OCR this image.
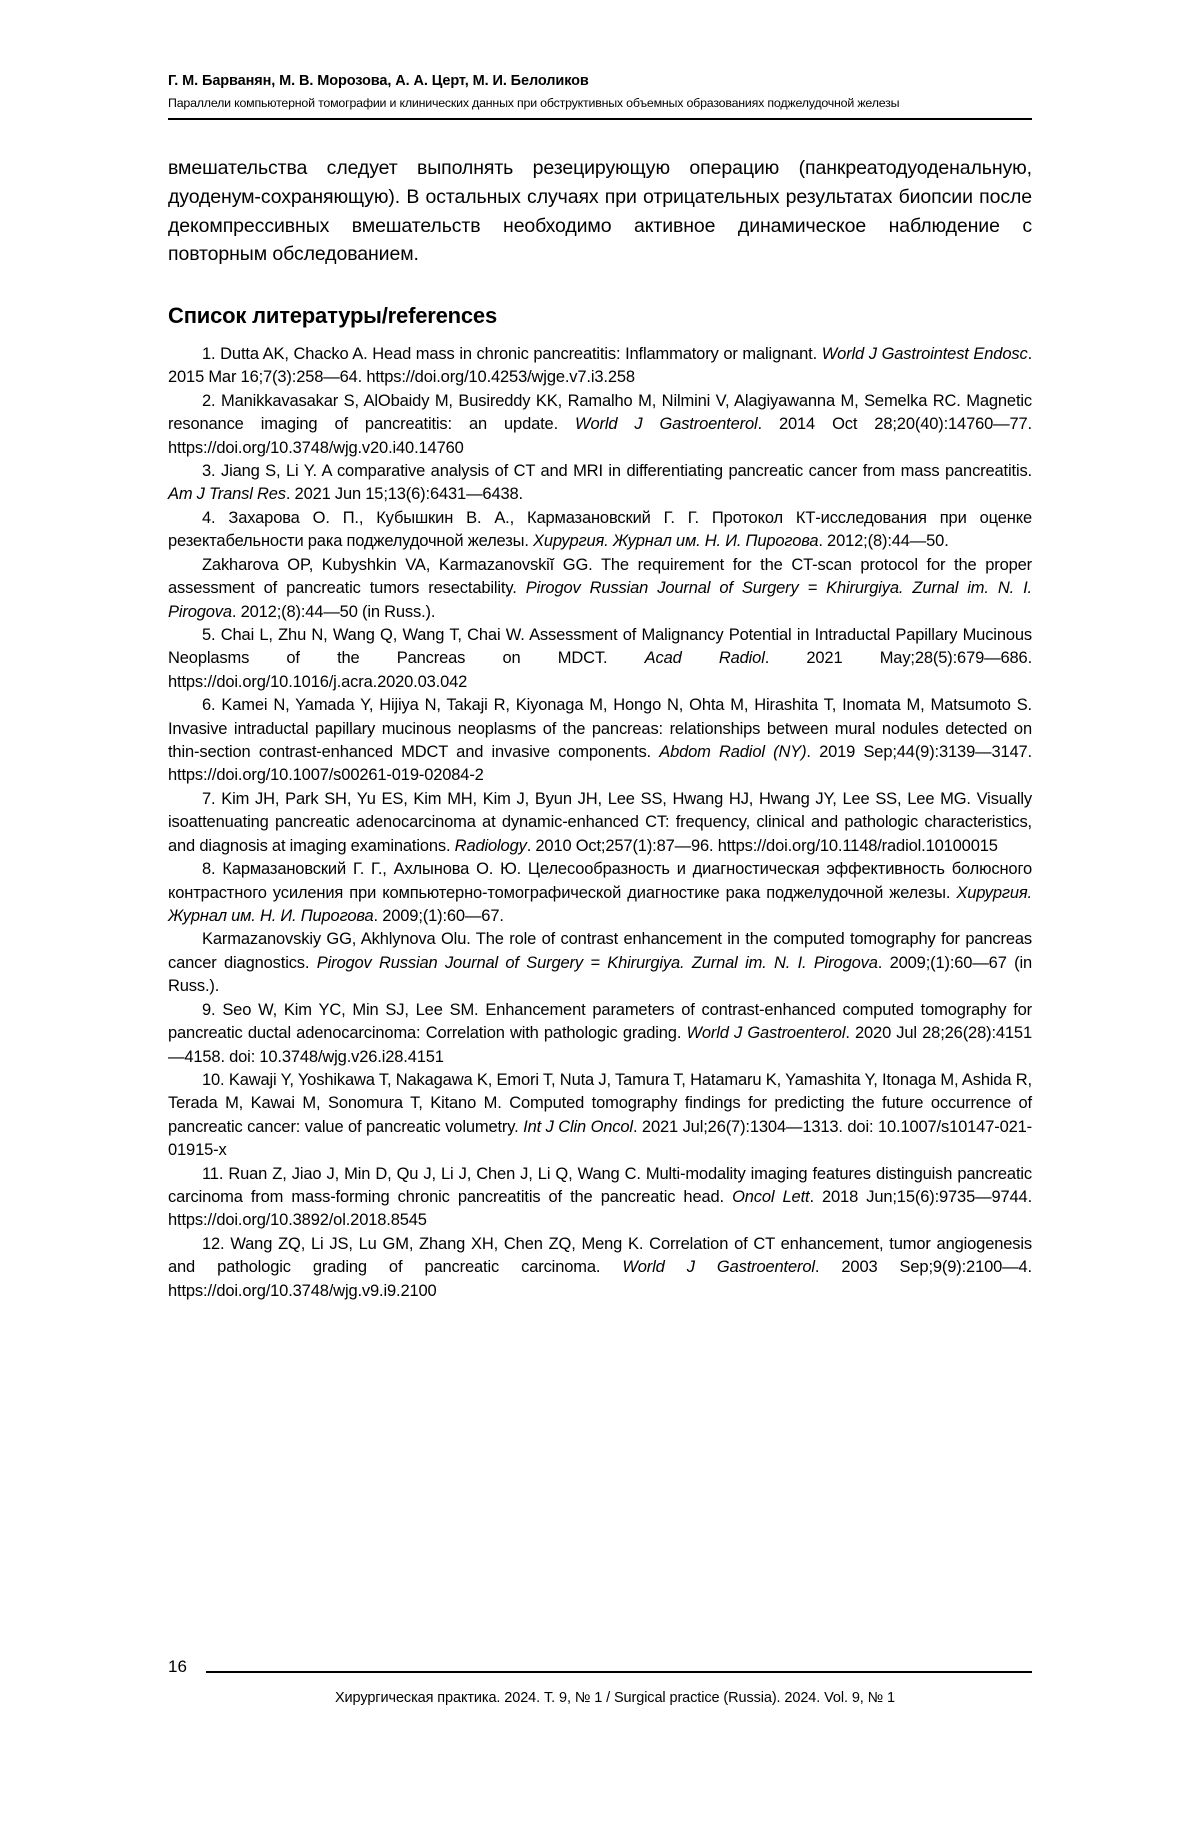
Г. М. Барванян, М. В. Морозова, А. А. Церт, М. И. Белоликов
Параллели компьютерной томографии и клинических данных при обструктивных объемных образованиях поджелудочной железы

вмешательства следует выполнять резецирующую операцию (панкреатодуоденальную, дуоденум-сохраняющую). В остальных случаях при отрицательных результатах биопсии после декомпрессивных вмешательств необходимо активное динамическое наблюдение с повторным обследованием.

Список литературы/references

1. Dutta AK, Chacko A. Head mass in chronic pancreatitis: Inflammatory or malignant. World J Gastrointest Endosc. 2015 Mar 16;7(3):258—64. https://doi.org/10.4253/wjge.v7.i3.258

2. Manikkavasakar S, AlObaidy M, Busireddy KK, Ramalho M, Nilmini V, Alagiyawanna M, Semelka RC. Magnetic resonance imaging of pancreatitis: an update. World J Gastroenterol. 2014 Oct 28;20(40):14760—77. https://doi.org/10.3748/wjg.v20.i40.14760

3. Jiang S, Li Y. A comparative analysis of CT and MRI in differentiating pancreatic cancer from mass pancreatitis. Am J Transl Res. 2021 Jun 15;13(6):6431—6438.

4. Захарова О. П., Кубышкин В. А., Кармазановский Г. Г. Протокол КТ-исследования при оценке резектабельности рака поджелудочной железы. Хирургия. Журнал им. Н. И. Пирогова. 2012;(8):44—50.

Zakharova OP, Kubyshkin VA, Karmazanovskiĭ GG. The requirement for the CT-scan protocol for the proper assessment of pancreatic tumors resectability. Pirogov Russian Journal of Surgery = Khirurgiya. Zurnal im. N. I. Pirogova. 2012;(8):44—50 (in Russ.).

5. Chai L, Zhu N, Wang Q, Wang T, Chai W. Assessment of Malignancy Potential in Intraductal Papillary Mucinous Neoplasms of the Pancreas on MDCT. Acad Radiol. 2021 May;28(5):679—686. https://doi.org/10.1016/j.acra.2020.03.042

6. Kamei N, Yamada Y, Hijiya N, Takaji R, Kiyonaga M, Hongo N, Ohta M, Hirashita T, Inomata M, Matsumoto S. Invasive intraductal papillary mucinous neoplasms of the pancreas: relationships between mural nodules detected on thin-section contrast-enhanced MDCT and invasive components. Abdom Radiol (NY). 2019 Sep;44(9):3139—3147. https://doi.org/10.1007/s00261-019-02084-2

7. Kim JH, Park SH, Yu ES, Kim MH, Kim J, Byun JH, Lee SS, Hwang HJ, Hwang JY, Lee SS, Lee MG. Visually isoattenuating pancreatic adenocarcinoma at dynamic-enhanced CT: frequency, clinical and pathologic characteristics, and diagnosis at imaging examinations. Radiology. 2010 Oct;257(1):87—96. https://doi.org/10.1148/radiol.10100015

8. Кармазановский Г. Г., Ахлынова О. Ю. Целесообразность и диагностическая эффективность болюсного контрастного усиления при компьютерно-томографической диагностике рака поджелудочной железы. Хирургия. Журнал им. Н. И. Пирогова. 2009;(1):60—67.

Karmazanovskiy GG, Akhlynova Olu. The role of contrast enhancement in the computed tomography for pancreas cancer diagnostics. Pirogov Russian Journal of Surgery = Khirurgiya. Zurnal im. N. I. Pirogova. 2009;(1):60—67 (in Russ.).

9. Seo W, Kim YC, Min SJ, Lee SM. Enhancement parameters of contrast-enhanced computed tomography for pancreatic ductal adenocarcinoma: Correlation with pathologic grading. World J Gastroenterol. 2020 Jul 28;26(28):4151—4158. doi: 10.3748/wjg.v26.i28.4151

10. Kawaji Y, Yoshikawa T, Nakagawa K, Emori T, Nuta J, Tamura T, Hatamaru K, Yamashita Y, Itonaga M, Ashida R, Terada M, Kawai M, Sonomura T, Kitano M. Computed tomography findings for predicting the future occurrence of pancreatic cancer: value of pancreatic volumetry. Int J Clin Oncol. 2021 Jul;26(7):1304—1313. doi: 10.1007/s10147-021-01915-x

11. Ruan Z, Jiao J, Min D, Qu J, Li J, Chen J, Li Q, Wang C. Multi-modality imaging features distinguish pancreatic carcinoma from mass-forming chronic pancreatitis of the pancreatic head. Oncol Lett. 2018 Jun;15(6):9735—9744. https://doi.org/10.3892/ol.2018.8545

12. Wang ZQ, Li JS, Lu GM, Zhang XH, Chen ZQ, Meng K. Correlation of CT enhancement, tumor angiogenesis and pathologic grading of pancreatic carcinoma. World J Gastroenterol. 2003 Sep;9(9):2100—4. https://doi.org/10.3748/wjg.v9.i9.2100

16
Хирургическая практика. 2024. Т. 9, № 1 / Surgical practice (Russia). 2024. Vol. 9, № 1
